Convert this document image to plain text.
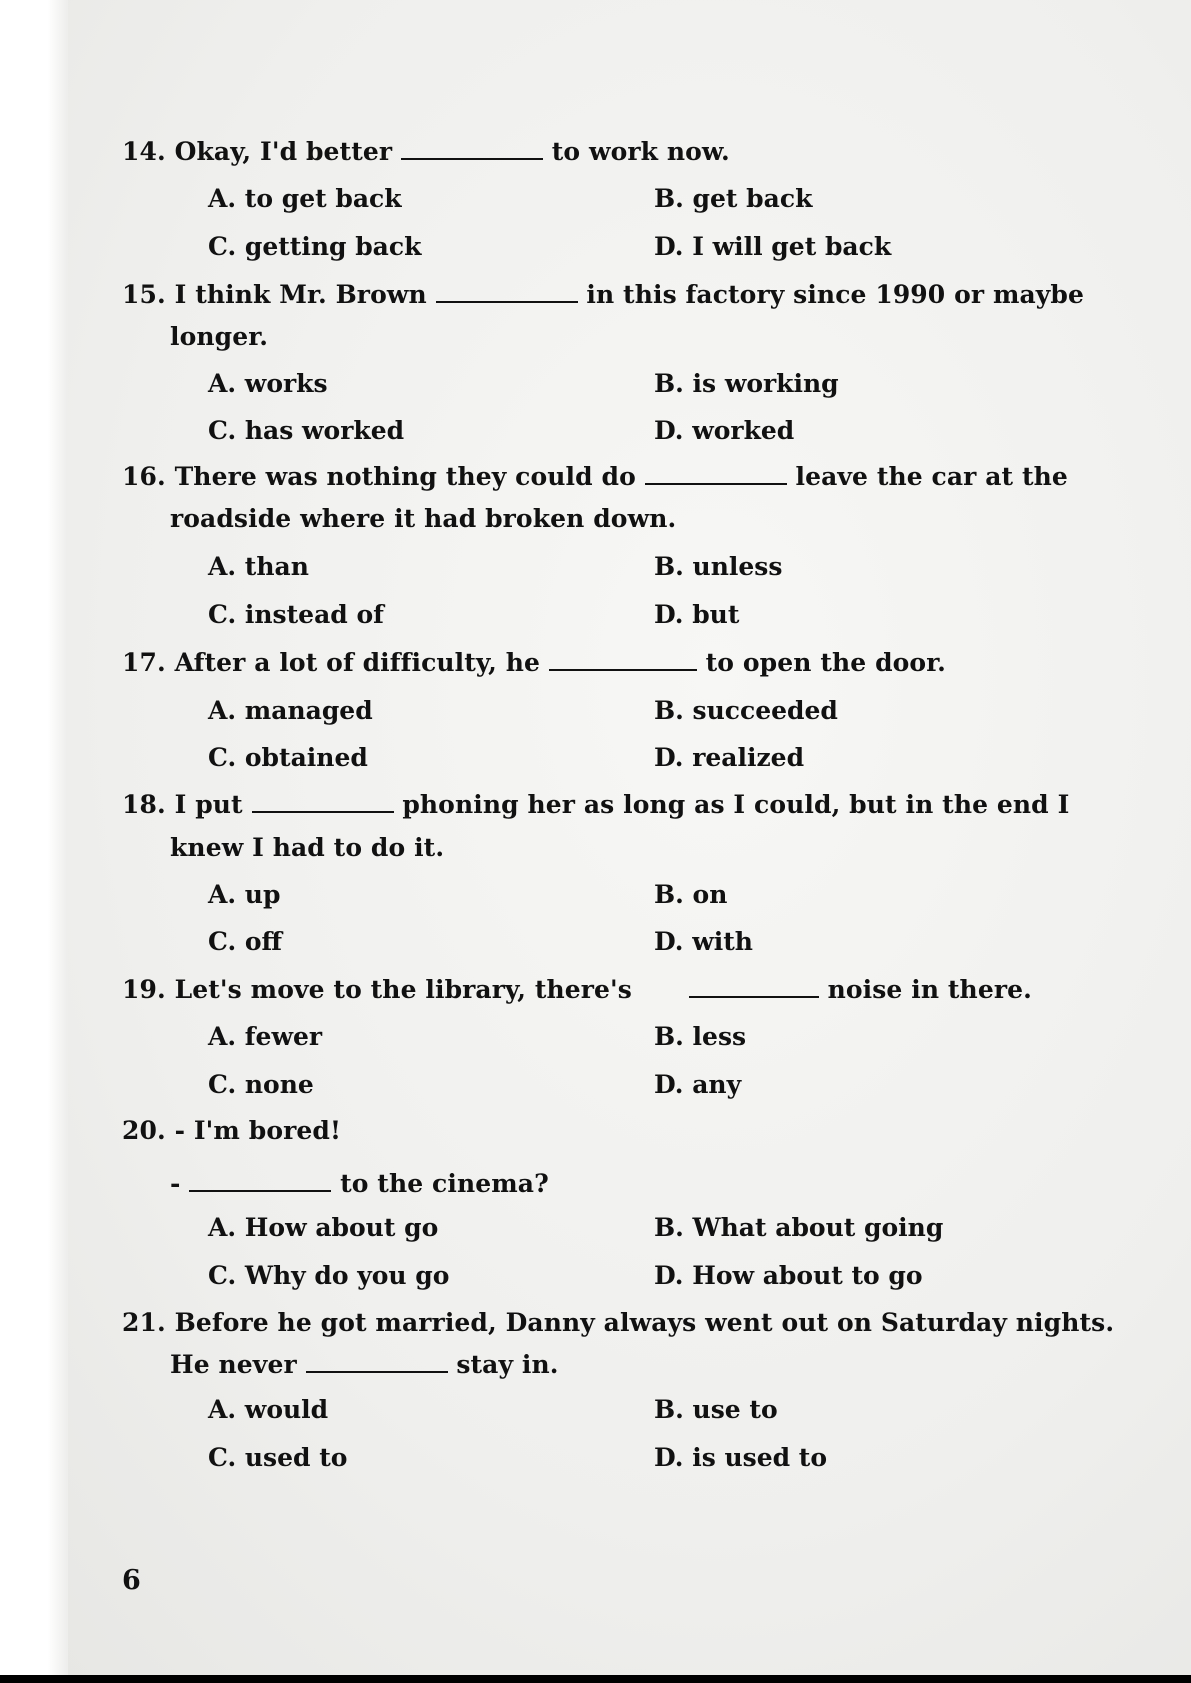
14. Okay, I'd better	to work now.
A. to get back	B. get back
C. getting back	D. I will get back
15. I think Mr. Brown	in this factory since 1990 or maybe
longer.
A. works	B. is working
C. has worked	D. worked
16. There was nothing they could do	leave the car at the
roadside where it had broken down.
A. than	B. unless
C. instead of	D. but
17. After a lot of difficulty, he	to open the door.
A. managed	B. succeeded
C. obtained	D. realized
18. I put	phoning her as long as I could, but in the end I
knew I had to do it.
A. up	B. on
C. off	D. with
19. Let's move to the library, there's	noise in there.
A. fewer	B. less
C. none	D. any
20. - I'm bored!
-	to the cinema?
A. How about go	B. What about going
C. Why do you go	D. How about to go
21. Before he got married, Danny always went out on Saturday nights.
He never	stay in.
A. would	B. use to
C. used to	D. is used to
6
